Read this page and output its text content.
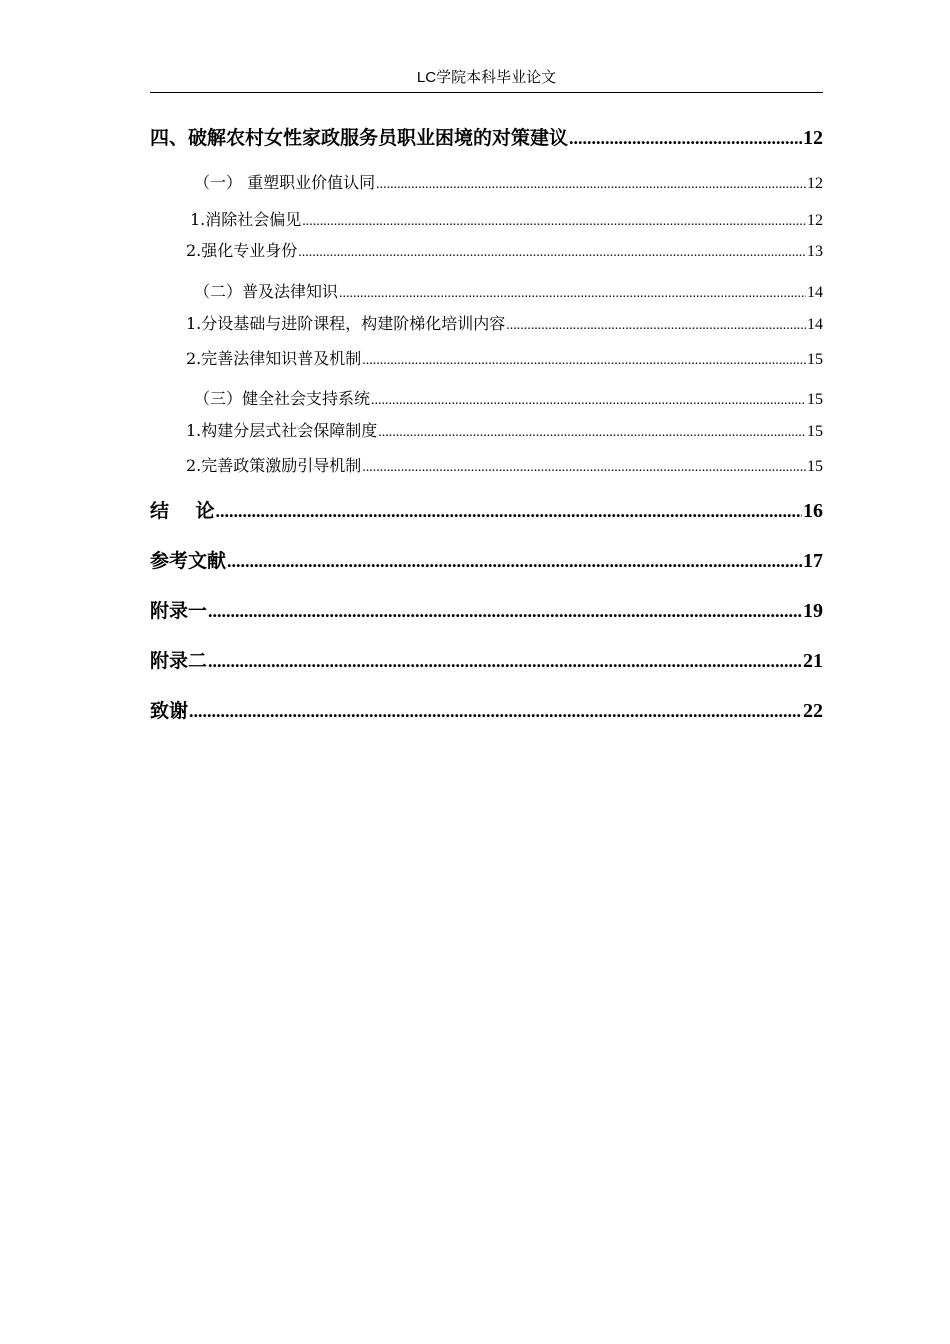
LC学院本科毕业论文
四、破解农村女性家政服务员职业困境的对策建议 .....	12
（一） 重塑职业价值认同 .....	12
1.消除社会偏见 .....	12
2.强化专业身份 .....	13
（二）普及法律知识 .....	14
1.分设基础与进阶课程，构建阶梯化培训内容 .....	14
2.完善法律知识普及机制 .....	15
（三）健全社会支持系统 .....	15
1.构建分层式社会保障制度 .....	15
2.完善政策激励引导机制 .....	15
结    论 .....	16
参考文献 .....	17
附录一 .....	19
附录二 .....	21
致谢 .....	22
